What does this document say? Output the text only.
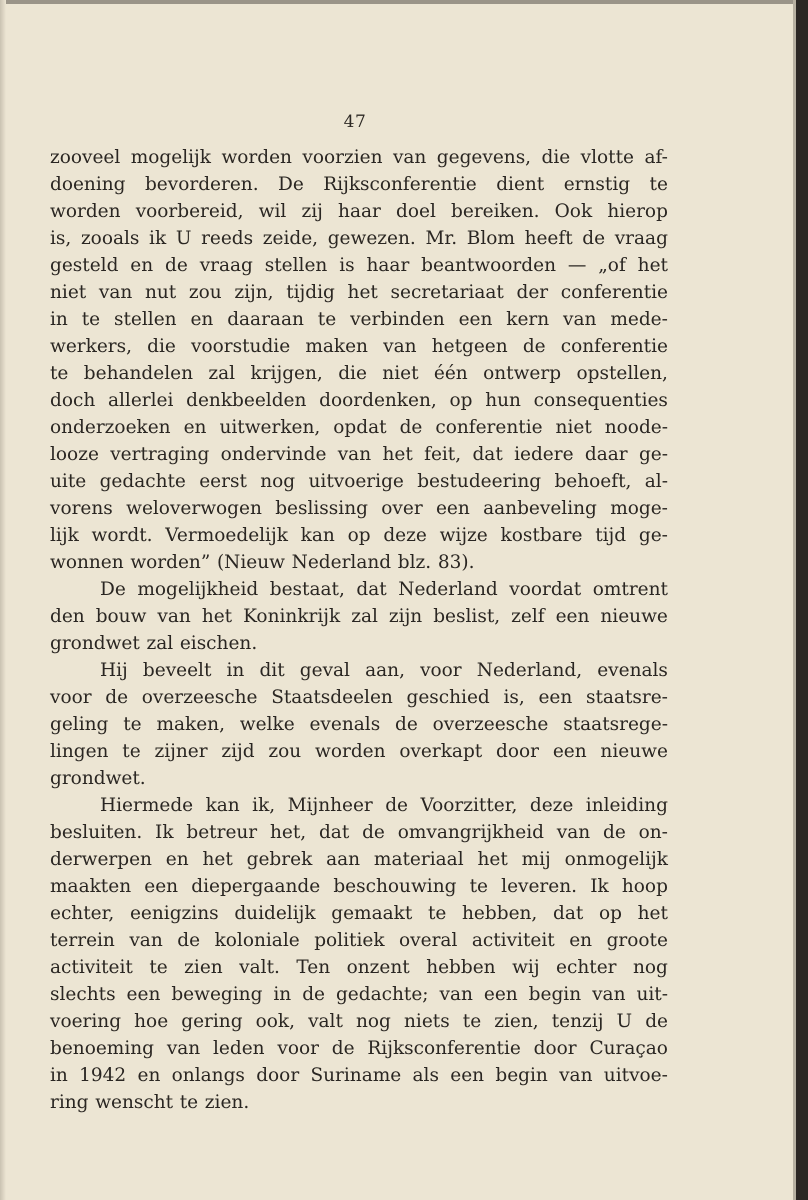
47
zooveel mogelijk worden voorzien van gegevens, die vlotte af-
doening bevorderen. De Rijksconferentie dient ernstig te
worden voorbereid, wil zij haar doel bereiken. Ook hierop
is, zooals ik U reeds zeide, gewezen. Mr. Blom heeft de vraag
gesteld en de vraag stellen is haar beantwoorden — „of het
niet van nut zou zijn, tijdig het secretariaat der conferentie
in te stellen en daaraan te verbinden een kern van mede-
werkers, die voorstudie maken van hetgeen de conferentie
te behandelen zal krijgen, die niet één ontwerp opstellen,
doch allerlei denkbeelden doordenken, op hun consequenties
onderzoeken en uitwerken, opdat de conferentie niet noode-
looze vertraging ondervinde van het feit, dat iedere daar ge-
uite gedachte eerst nog uitvoerige bestudeering behoeft, al-
vorens weloverwogen beslissing over een aanbeveling moge-
lijk wordt. Vermoedelijk kan op deze wijze kostbare tijd ge-
wonnen worden” (Nieuw Nederland blz. 83).
De mogelijkheid bestaat, dat Nederland voordat omtrent
den bouw van het Koninkrijk zal zijn beslist, zelf een nieuwe
grondwet zal eischen.
Hij beveelt in dit geval aan, voor Nederland, evenals
voor de overzeesche Staatsdeelen geschied is, een staatsre-
geling te maken, welke evenals de overzeesche staatsrege-
lingen te zijner zijd zou worden overkapt door een nieuwe
grondwet.
Hiermede kan ik, Mijnheer de Voorzitter, deze inleiding
besluiten. Ik betreur het, dat de omvangrijkheid van de on-
derwerpen en het gebrek aan materiaal het mij onmogelijk
maakten een diepergaande beschouwing te leveren. Ik hoop
echter, eenigzins duidelijk gemaakt te hebben, dat op het
terrein van de koloniale politiek overal activiteit en groote
activiteit te zien valt. Ten onzent hebben wij echter nog
slechts een beweging in de gedachte; van een begin van uit-
voering hoe gering ook, valt nog niets te zien, tenzij U de
benoeming van leden voor de Rijksconferentie door Curaçao
in 1942 en onlangs door Suriname als een begin van uitvoe-
ring wenscht te zien.
